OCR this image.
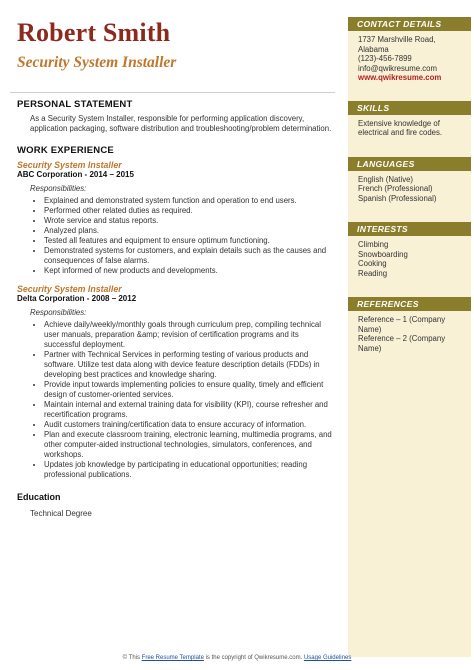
Robert Smith
Security System Installer
PERSONAL STATEMENT
As a Security System Installer, responsible for performing application discovery, application packaging, software distribution and troubleshooting/problem determination.
WORK EXPERIENCE
Security System Installer
ABC Corporation - 2014 – 2015
Responsibilities:
• Explained and demonstrated system function and operation to end users.
• Performed other related duties as required.
• Wrote service and status reports.
• Analyzed plans.
• Tested all features and equipment to ensure optimum functioning.
• Demonstrated systems for customers, and explain details such as the causes and consequences of false alarms.
• Kept informed of new products and developments.
Security System Installer
Delta Corporation - 2008 – 2012
Responsibilities:
• Achieve daily/weekly/monthly goals through curriculum prep, compiling technical user manuals, preparation &amp; revision of certification programs and its successful deployment.
• Partner with Technical Services in performing testing of various products and software. Utilize test data along with device feature description details (FDDs) in developing best practices and knowledge sharing.
• Provide input towards implementing policies to ensure quality, timely and efficient design of customer-oriented services.
• Maintain internal and external training data for visibility (KPI), course refresher and recertification programs.
• Audit customers training/certification data to ensure accuracy of information.
• Plan and execute classroom training, electronic learning, multimedia programs, and other computer-aided instructional technologies, simulators, conferences, and workshops.
• Updates job knowledge by participating in educational opportunities; reading professional publications.
Education
Technical Degree
CONTACT DETAILS
1737 Marshville Road,
Alabama
(123)-456-7899
info@qwikresume.com
www.qwikresume.com
SKILLS
Extensive knowledge of electrical and fire codes.
LANGUAGES
English (Native)
French (Professional)
Spanish (Professional)
INTERESTS
Climbing
Snowboarding
Cooking
Reading
REFERENCES
Reference – 1 (Company Name)
Reference – 2 (Company Name)
© This Free Resume Template is the copyright of Qwikresume.com. Usage Guidelines
